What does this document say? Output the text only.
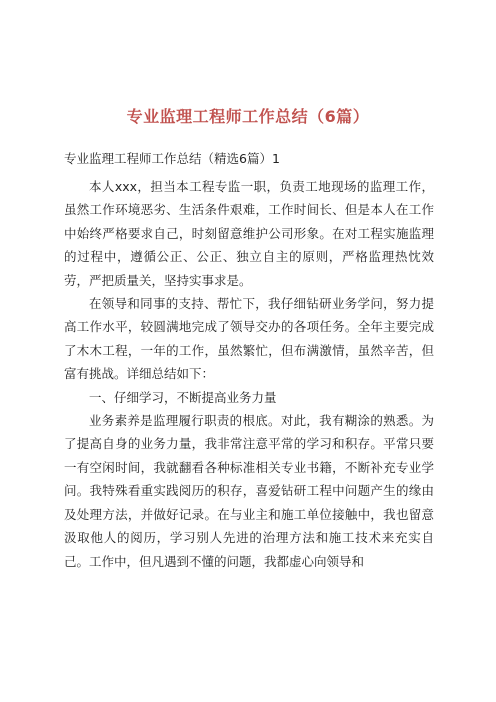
专业监理工程师工作总结（6篇）
专业监理工程师工作总结（精选6篇）1

本人xxx，担当本工程专监一职，负责工地现场的监理工作，虽然工作环境恶劣、生活条件艰难，工作时间长、但是本人在工作中始终严格要求自己，时刻留意维护公司形象。在对工程实施监理的过程中，遵循公正、公正、独立自主的原则，严格监理热忱效劳，严把质量关，坚持实事求是。

在领导和同事的支持、帮忙下，我仔细钻研业务学问，努力提高工作水平，较圆满地完成了领导交办的各项任务。全年主要完成了木木工程，一年的工作，虽然繁忙，但布满激情，虽然辛苦，但富有挑战。详细总结如下：

一、仔细学习，不断提高业务力量

业务素养是监理履行职责的根底。对此，我有糊涂的熟悉。为了提高自身的业务力量，我非常注意平常的学习和积存。平常只要一有空闲时间，我就翻看各种标准相关专业书籍，不断补充专业学问。我特殊看重实践阅历的积存，喜爱钻研工程中问题产生的缘由及处理方法，并做好记录。在与业主和施工单位接触中，我也留意汲取他人的阅历，学习别人先进的治理方法和施工技术来充实自己。工作中，但凡遇到不懂的问题，我都虚心向领导和
